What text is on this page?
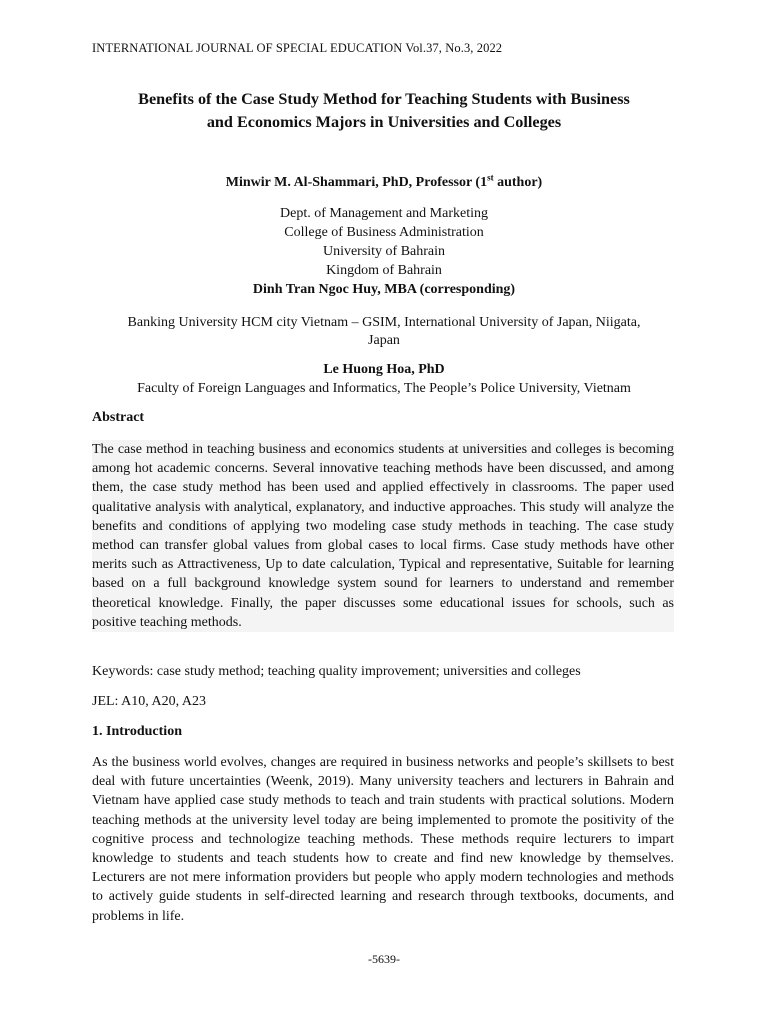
INTERNATIONAL JOURNAL OF SPECIAL EDUCATION Vol.37, No.3, 2022
Benefits of the Case Study Method for Teaching Students with Business
and Economics Majors in Universities and Colleges
Minwir M. Al-Shammari, PhD, Professor (1st author)
Dept. of Management and Marketing
College of Business Administration
University of Bahrain
Kingdom of Bahrain
Dinh Tran Ngoc Huy, MBA (corresponding)
Banking University HCM city Vietnam – GSIM, International University of Japan, Niigata,
Japan
Le Huong Hoa, PhD
Faculty of Foreign Languages and Informatics, The People’s Police University, Vietnam
Abstract
The case method in teaching business and economics students at universities and colleges is becoming among hot academic concerns. Several innovative teaching methods have been discussed, and among them, the case study method has been used and applied effectively in classrooms. The paper used qualitative analysis with analytical, explanatory, and inductive approaches. This study will analyze the benefits and conditions of applying two modeling case study methods in teaching. The case study method can transfer global values from global cases to local firms. Case study methods have other merits such as Attractiveness, Up to date calculation, Typical and representative, Suitable for learning based on a full background knowledge system sound for learners to understand and remember theoretical knowledge. Finally, the paper discusses some educational issues for schools, such as positive teaching methods.
Keywords: case study method; teaching quality improvement; universities and colleges
JEL: A10, A20, A23
1. Introduction
As the business world evolves, changes are required in business networks and people’s skillsets to best deal with future uncertainties (Weenk, 2019). Many university teachers and lecturers in Bahrain and Vietnam have applied case study methods to teach and train students with practical solutions. Modern teaching methods at the university level today are being implemented to promote the positivity of the cognitive process and technologize teaching methods. These methods require lecturers to impart knowledge to students and teach students how to create and find new knowledge by themselves. Lecturers are not mere information providers but people who apply modern technologies and methods to actively guide students in self-directed learning and research through textbooks, documents, and problems in life.
-5639-
